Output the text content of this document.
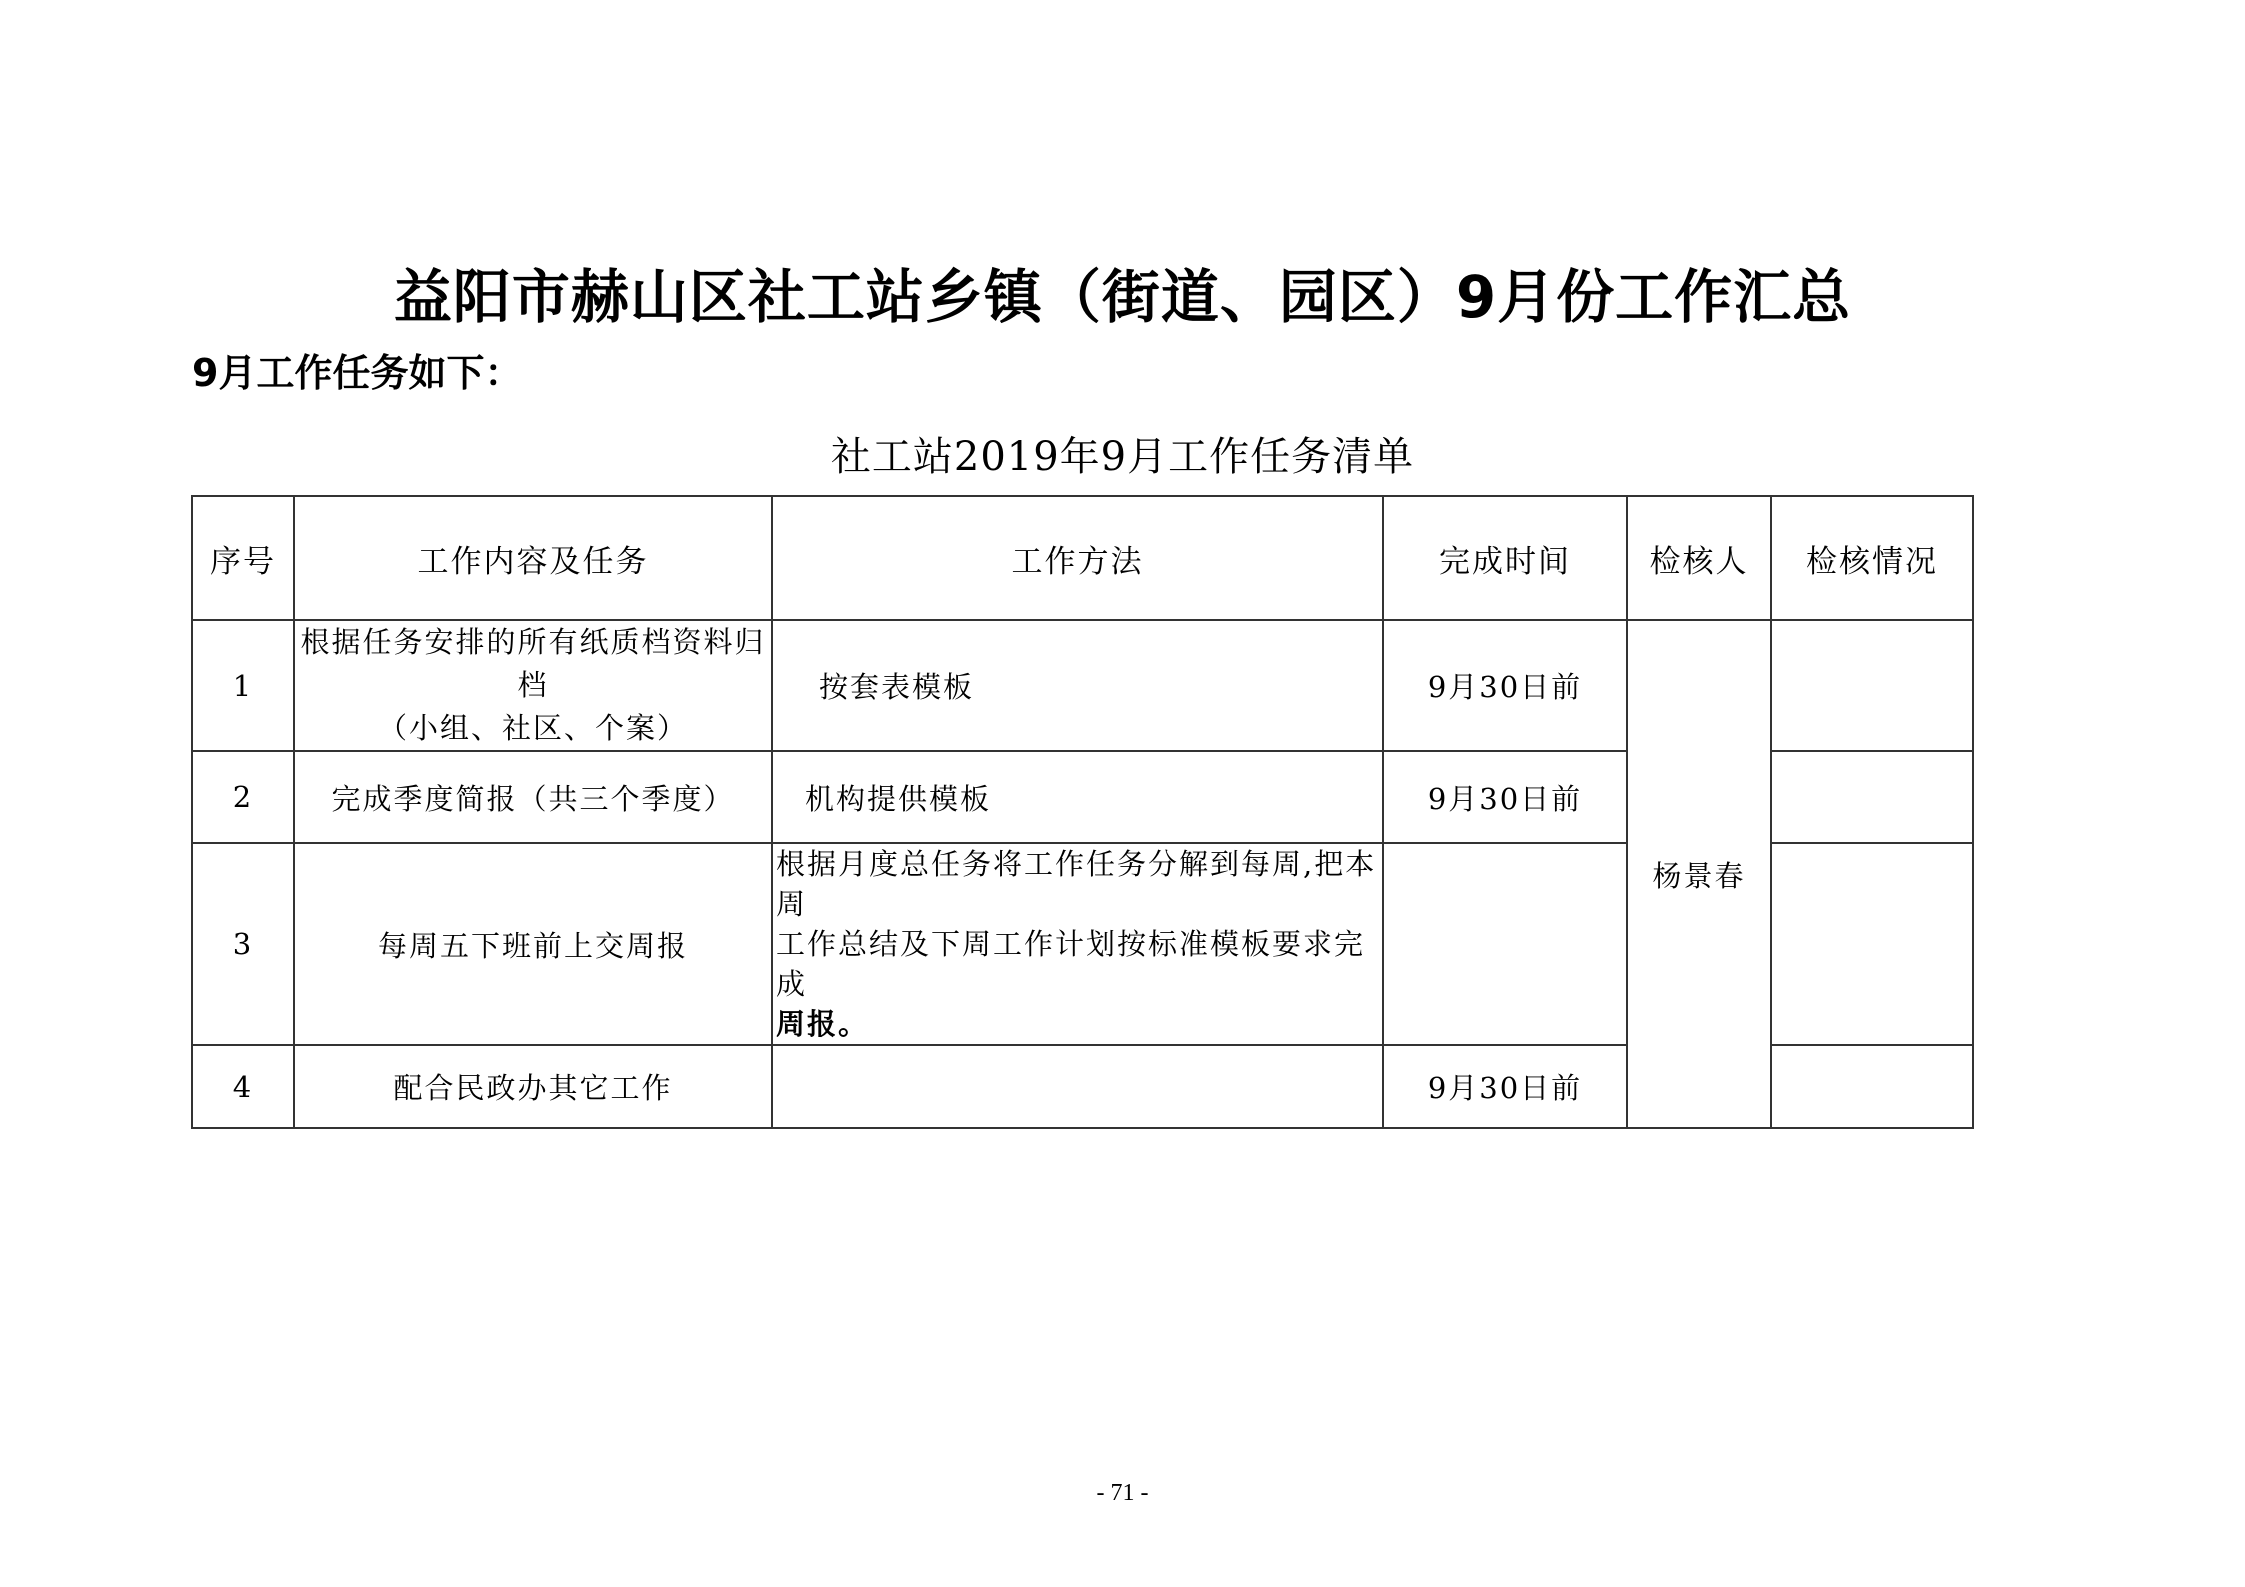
益阳市赫山区社工站乡镇（街道、园区）9月份工作汇总
9月工作任务如下：
社工站2019年9月工作任务清单
序号	工作内容及任务	工作方法	完成时间	检核人	检核情况
1	根据任务安排的所有纸质档资料归档
（小组、社区、个案）	按套表模板	9月30日前	杨景春	
2	完成季度简报（共三个季度）	机构提供模板	9月30日前		
3	每周五下班前上交周报	根据月度总任务将工作任务分解到每周,把本周
工作总结及下周工作计划按标准模板要求完成
周报。			
4	配合民政办其它工作		9月30日前		
- 71 -
